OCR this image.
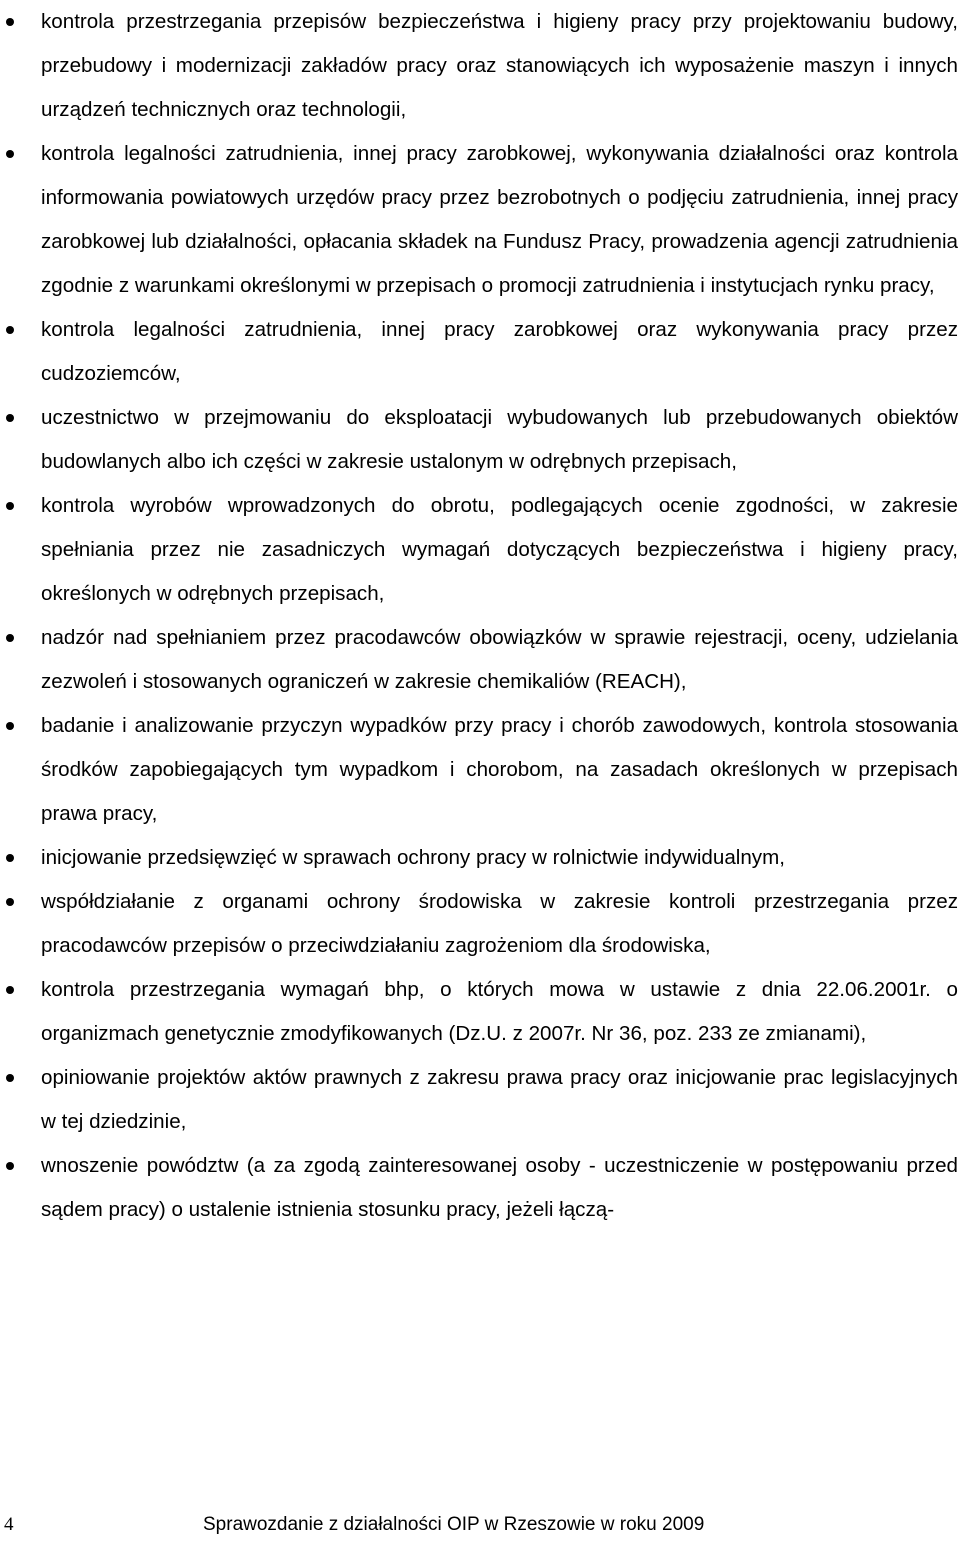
kontrola przestrzegania przepisów bezpieczeństwa i higieny pracy przy projektowaniu budowy, przebudowy i modernizacji zakładów pracy oraz stanowiących ich wyposażenie maszyn i innych urządzeń technicznych oraz technologii,
kontrola legalności zatrudnienia, innej pracy zarobkowej, wykonywania działalności oraz kontrola informowania powiatowych urzędów pracy przez bezrobotnych o podjęciu zatrudnienia, innej pracy zarobkowej lub działalności, opłacania składek na Fundusz Pracy, prowadzenia agencji zatrudnienia zgodnie z warunkami określonymi w przepisach o promocji zatrudnienia i instytucjach rynku pracy,
kontrola legalności zatrudnienia, innej pracy zarobkowej oraz wykonywania pracy przez cudzoziemców,
uczestnictwo w przejmowaniu do eksploatacji wybudowanych lub przebudowanych obiektów budowlanych albo ich części w zakresie ustalonym w odrębnych przepisach,
kontrola wyrobów wprowadzonych do obrotu, podlegających ocenie zgodności, w zakresie spełniania przez nie zasadniczych wymagań dotyczących bezpieczeństwa i higieny pracy, określonych w odrębnych przepisach,
nadzór nad spełnianiem przez pracodawców obowiązków w sprawie rejestracji, oceny, udzielania zezwoleń i stosowanych ograniczeń w zakresie chemikaliów (REACH),
badanie i analizowanie przyczyn wypadków przy pracy i chorób zawodowych, kontrola stosowania środków zapobiegających tym wypadkom i chorobom, na zasadach określonych w przepisach prawa pracy,
inicjowanie przedsięwzięć w sprawach ochrony pracy w rolnictwie indywidualnym,
współdziałanie z organami ochrony środowiska w zakresie kontroli przestrzegania przez pracodawców przepisów o przeciwdziałaniu zagrożeniom dla środowiska,
kontrola przestrzegania wymagań bhp, o których mowa w ustawie z dnia 22.06.2001r. o organizmach genetycznie zmodyfikowanych (Dz.U. z 2007r. Nr 36, poz. 233 ze zmianami),
opiniowanie projektów aktów prawnych z zakresu prawa pracy oraz inicjowanie prac legislacyjnych w tej dziedzinie,
wnoszenie powództw (a za zgodą zainteresowanej osoby - uczestniczenie w postępowaniu przed sądem pracy) o ustalenie istnienia stosunku pracy, jeżeli łączą-
4	Sprawozdanie z działalności OIP w Rzeszowie w roku 2009
